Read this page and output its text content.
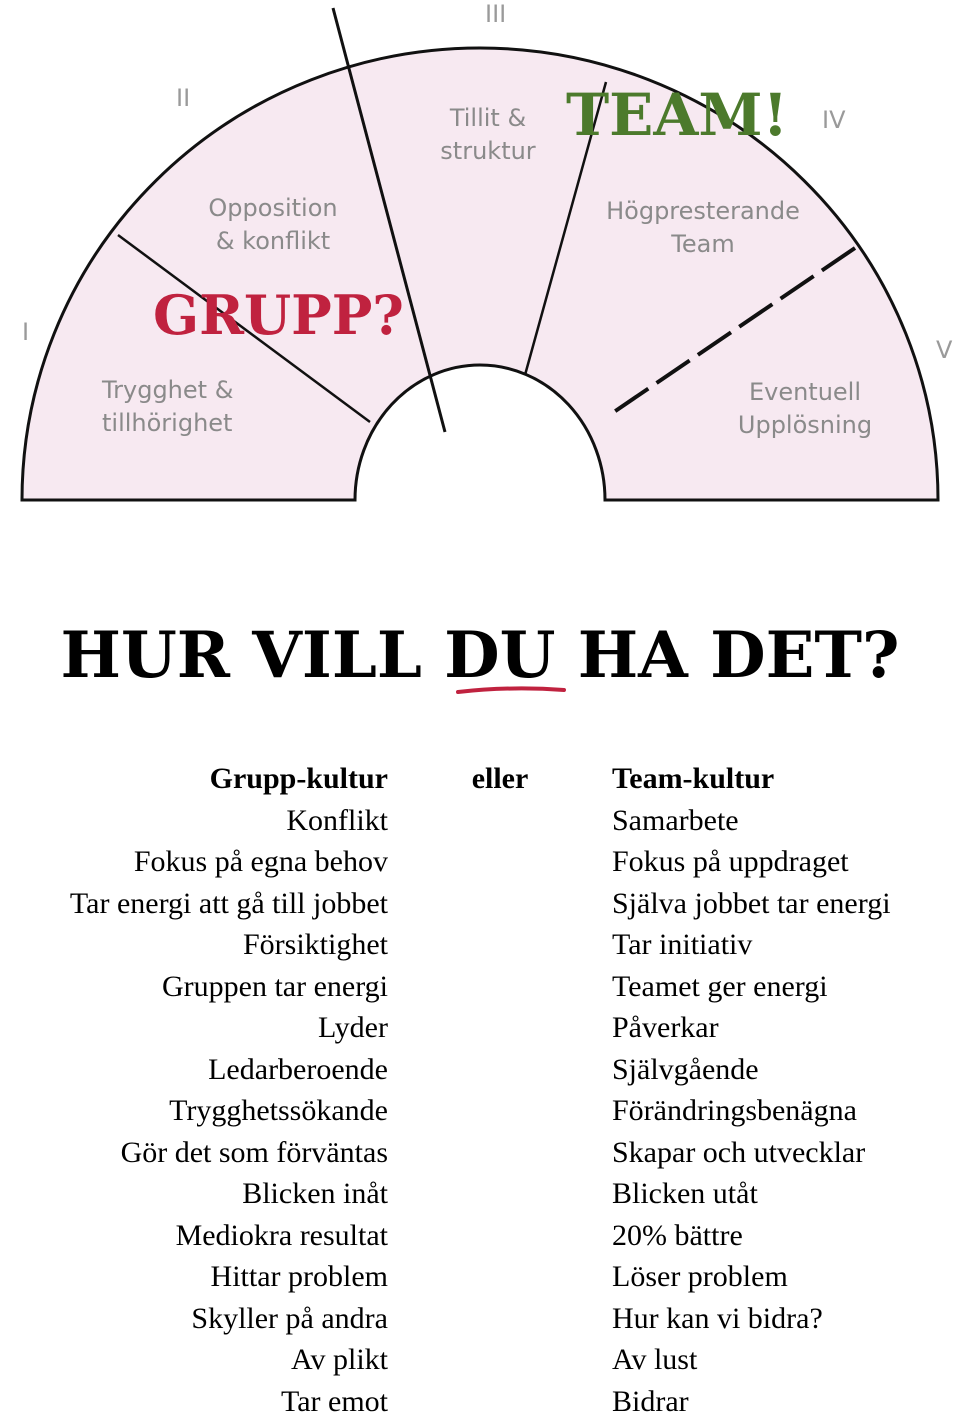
I
II
III
IV
V
Trygghet &
tillhörighet
Opposition
& konflikt
Tillit &
struktur
Högpresterande
Team
Eventuell
Upplösning
GRUPP?
TEAM!
HUR VILL DU HA DET?
Grupp-kultur
Konflikt
Fokus på egna behov
Tar energi att gå till jobbet
Försiktighet
Gruppen tar energi
Lyder
Ledarberoende
Trygghetssökande
Gör det som förväntas
Blicken inåt
Mediokra resultat
Hittar problem
Skyller på andra
Av plikt
Tar emot
eller	Team-kultur
Samarbete
Fokus på uppdraget
Själva jobbet tar energi
Tar initiativ
Teamet ger energi
Påverkar
Självgående
Förändringsbenägna
Skapar och utvecklar
Blicken utåt
20% bättre
Löser problem
Hur kan vi bidra?
Av lust
Bidrar
